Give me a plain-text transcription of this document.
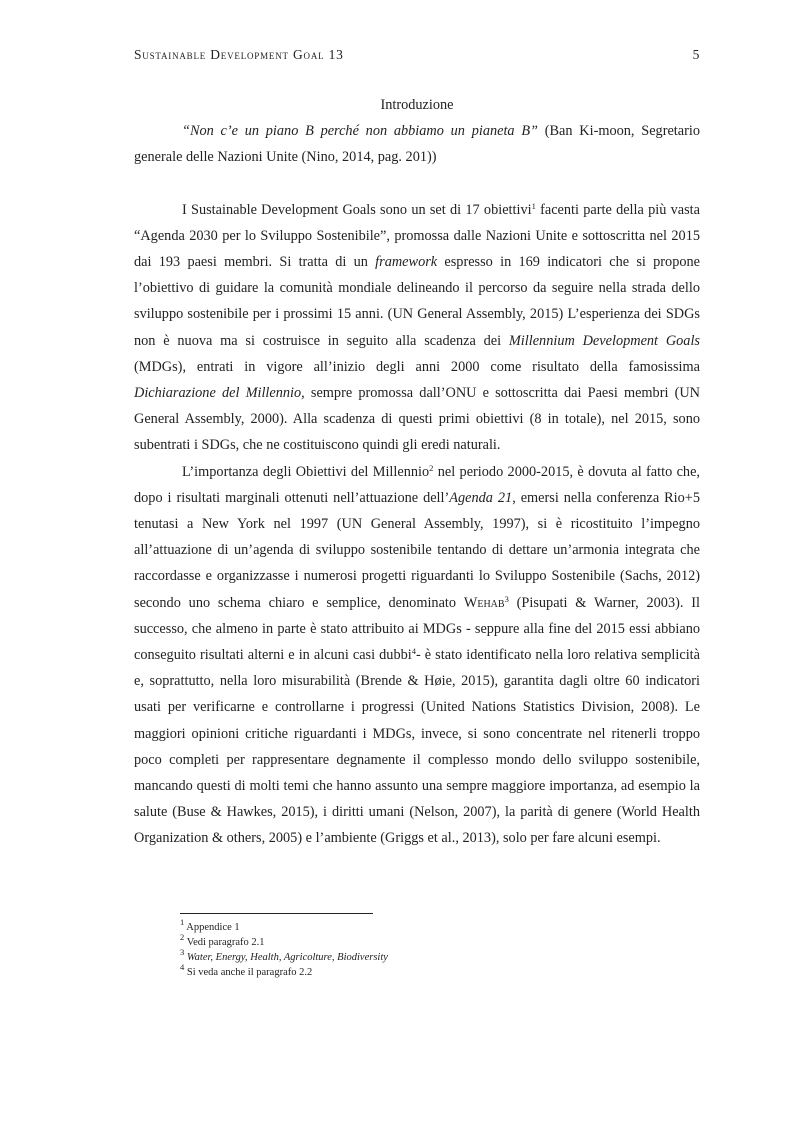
Sustainable Development Goal 13	5

Introduzione

“Non c’e un piano B perché non abbiamo un pianeta B” (Ban Ki-moon, Segretario generale delle Nazioni Unite (Nino, 2014, pag. 201))

I Sustainable Development Goals sono un set di 17 obiettivi$^1$ facenti parte della più vasta “Agenda 2030 per lo Sviluppo Sostenibile”, promossa dalle Nazioni Unite e sottoscritta nel 2015 dai 193 paesi membri. Si tratta di un framework espresso in 169 indicatori che si propone l’obiettivo di guidare la comunità mondiale delineando il percorso da seguire nella strada dello sviluppo sostenibile per i prossimi 15 anni. (UN General Assembly, 2015) L’esperienza dei SDGs non è nuova ma si costruisce in seguito alla scadenza dei Millennium Development Goals (MDGs), entrati in vigore all’inizio degli anni 2000 come risultato della famosissima Dichiarazione del Millennio, sempre promossa dall’ONU e sottoscritta dai Paesi membri (UN General Assembly, 2000). Alla scadenza di questi primi obiettivi (8 in totale), nel 2015, sono subentrati i SDGs, che ne costituiscono quindi gli eredi naturali.

L’importanza degli Obiettivi del Millennio$^2$ nel periodo 2000-2015, è dovuta al fatto che, dopo i risultati marginali ottenuti nell’attuazione dell’Agenda 21, emersi nella conferenza Rio+5 tenutasi a New York nel 1997 (UN General Assembly, 1997), si è ricostituito l’impegno all’attuazione di un’agenda di sviluppo sostenibile tentando di dettare un’armonia integrata che raccordasse e organizzasse i numerosi progetti riguardanti lo Sviluppo Sostenibile (Sachs, 2012) secondo uno schema chiaro e semplice, denominato Wehab$^3$ (Pisupati & Warner, 2003). Il successo, che almeno in parte è stato attribuito ai MDGs - seppure alla fine del 2015 essi abbiano conseguito risultati alterni e in alcuni casi dubbi$^4$- è stato identificato nella loro relativa semplicità e, soprattutto, nella loro misurabilità (Brende & Høie, 2015), garantita dagli oltre 60 indicatori usati per verificarne e controllarne i progressi (United Nations Statistics Division, 2008). Le maggiori opinioni critiche riguardanti i MDGs, invece, si sono concentrate nel ritenerli troppo poco completi per rappresentare degnamente il complesso mondo dello sviluppo sostenibile, mancando questi di molti temi che hanno assunto una sempre maggiore importanza, ad esempio la salute (Buse & Hawkes, 2015), i diritti umani (Nelson, 2007), la parità di genere (World Health Organization & others, 2005) e l’ambiente (Griggs et al., 2013), solo per fare alcuni esempi.

$^1$ Appendice 1

$^2$ Vedi paragrafo 2.1

$^3$ Water, Energy, Health, Agricolture, Biodiversity

$^4$ Si veda anche il paragrafo 2.2
